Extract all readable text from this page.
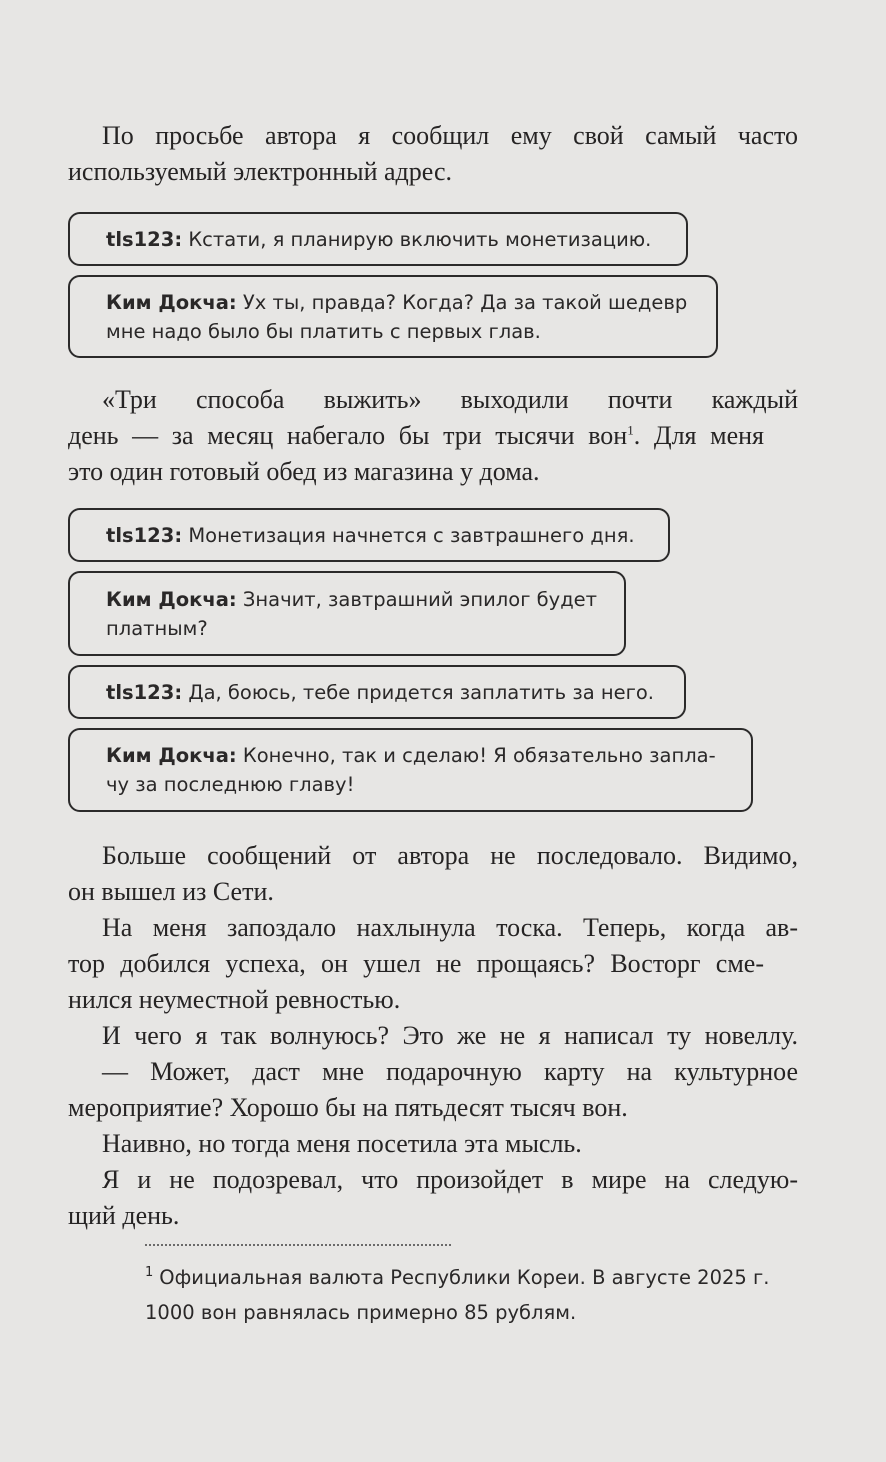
По просьбе автора я сообщил ему свой самый часто
используемый электронный адрес.
tls123: Кстати, я планирую включить монетизацию.
Ким Докча: Ух ты, правда? Когда? Да за такой шедевр
мне надо было бы платить с первых глав.
«Три способа выжить» выходили почти каждый
день — за месяц набегало бы три тысячи вон$^1$. Для меня
это один готовый обед из магазина у дома.
tls123: Монетизация начнется с завтрашнего дня.
Ким Докча: Значит, завтрашний эпилог будет
платным?
tls123: Да, боюсь, тебе придется заплатить за него.
Ким Докча: Конечно, так и сделаю! Я обязательно запла-
чу за последнюю главу!
Больше сообщений от автора не последовало. Видимо,
он вышел из Сети.
На меня запоздало нахлынула тоска. Теперь, когда ав-
тор добился успеха, он ушел не прощаясь? Восторг сме-
нился неуместной ревностью.
И чего я так волнуюсь? Это же не я написал ту новеллу.
— Может, даст мне подарочную карту на культурное
мероприятие? Хорошо бы на пятьдесят тысяч вон.
Наивно, но тогда меня посетила эта мысль.
Я и не подозревал, что произойдет в мире на следую-
щий день.
$^1$ Официальная валюта Республики Кореи. В августе 2025 г.
1000 вон равнялась примерно 85 рублям.
